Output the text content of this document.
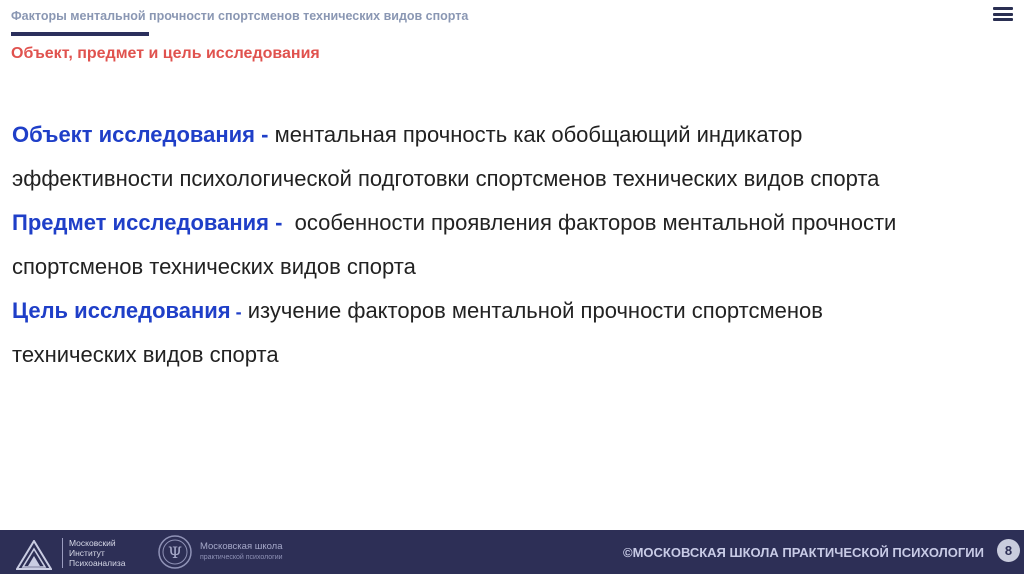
Факторы ментальной прочности спортсменов технических видов спорта
Объект, предмет и цель исследования
Объект исследования - ментальная прочность как обобщающий индикатор
эффективности психологической подготовки спортсменов технических видов спорта
Предмет исследования -  особенности проявления факторов ментальной прочности
спортсменов технических видов спорта
Цель исследования - изучение факторов ментальной прочности спортсменов
технических видов спорта
Московский
Институт
Психоанализа
Ψ Московская школа
практической психологии	©МОСКОВСКАЯ ШКОЛА ПРАКТИЧЕСКОЙ ПСИХОЛОГИИ	8
